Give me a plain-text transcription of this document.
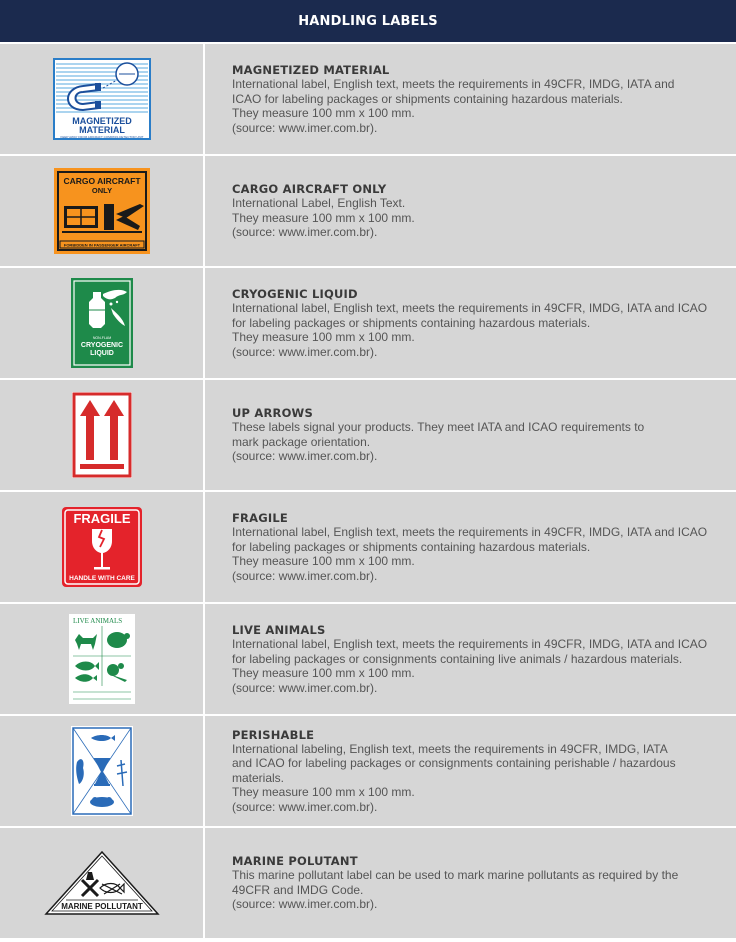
HANDLING LABELS
MAGNETIZED
MATERIAL
KEEP AWAY FROM AIRCRAFT COMPASS DETECTOR UNIT
MAGNETIZED MATERIAL
International label, English text, meets the requirements in 49CFR, IMDG, IATA and
ICAO for labeling packages or shipments containing hazardous materials.
They measure 100 mm x 100 mm.
(source: www.imer.com.br).
CARGO AIRCRAFT
ONLY
FORBIDDEN IN PASSENGER AIRCRAFT
CARGO AIRCRAFT ONLY
International Label, English Text.
They measure 100 mm x 100 mm.
(source: www.imer.com.br).
NON-FLAM
CRYOGENIC
LIQUID
CRYOGENIC LIQUID
International label, English text, meets the requirements in 49CFR, IMDG, IATA and ICAO
for labeling packages or shipments containing hazardous materials.
They measure 100 mm x 100 mm.
(source: www.imer.com.br).
UP ARROWS
These labels signal your products. They meet IATA and ICAO requirements to
mark package orientation.
(source: www.imer.com.br).
FRAGILE
HANDLE WITH CARE
FRAGILE
International label, English text, meets the requirements in 49CFR, IMDG, IATA and ICAO
for labeling packages or shipments containing hazardous materials.
They measure 100 mm x 100 mm.
(source: www.imer.com.br).
LIVE ANIMALS
LIVE ANIMALS
International label, English text, meets the requirements in 49CFR, IMDG, IATA and ICAO
for labeling packages or consignments containing live animals / hazardous materials.
They measure 100 mm x 100 mm.
(source: www.imer.com.br).
PERISHABLE
International labeling, English text, meets the requirements in 49CFR, IMDG, IATA
and ICAO for labeling packages or consignments containing perishable / hazardous
materials.
They measure 100 mm x 100 mm.
(source: www.imer.com.br).
MARINE POLLUTANT
MARINE POLUTANT
This marine pollutant label can be used to mark marine pollutants as required by the
49CFR and IMDG Code.
(source: www.imer.com.br).
